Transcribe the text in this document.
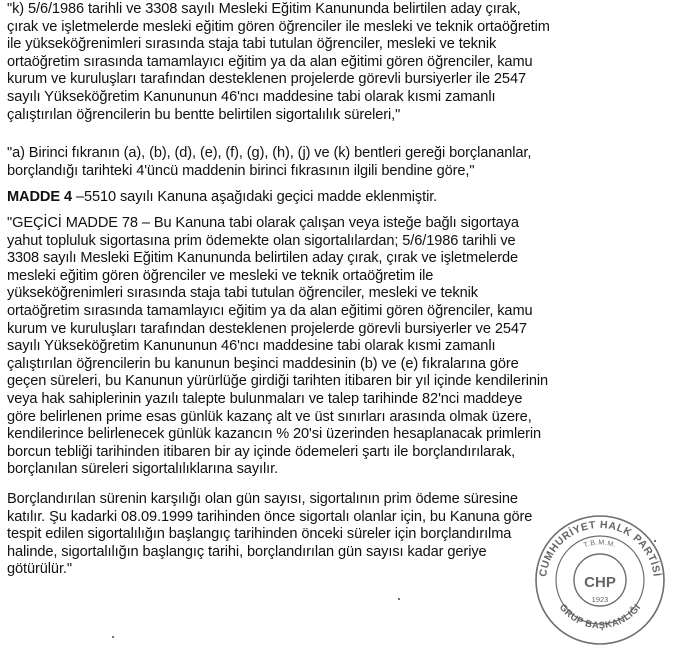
"k) 5/6/1986 tarihli ve 3308 sayılı Mesleki Eğitim Kanununda belirtilen aday çırak,
çırak ve işletmelerde mesleki eğitim gören öğrenciler ile mesleki ve teknik ortaöğretim
ile yükseköğrenimleri sırasında staja tabi tutulan öğrenciler, mesleki ve teknik
ortaöğretim sırasında tamamlayıcı eğitim ya da alan eğitimi gören öğrenciler, kamu
kurum ve kuruluşları tarafından desteklenen projelerde görevli bursiyerler ile 2547
sayılı Yükseköğretim Kanununun 46'ncı maddesine tabi olarak kısmi zamanlı
çalıştırılan öğrencilerin bu bentte belirtilen sigortalılık süreleri,"

"a) Birinci fıkranın (a), (b), (d), (e), (f), (g), (h), (j) ve (k) bentleri gereği borçlananlar,
borçlandığı tarihteki 4'üncü maddenin birinci fıkrasının ilgili bendine göre,"

MADDE 4 –5510 sayılı Kanuna aşağıdaki geçici madde eklenmiştir.

"GEÇİCİ MADDE 78 – Bu Kanuna tabi olarak çalışan veya isteğe bağlı sigortaya
yahut topluluk sigortasına prim ödemekte olan sigortalılardan; 5/6/1986 tarihli ve
3308 sayılı Mesleki Eğitim Kanununda belirtilen aday çırak, çırak ve işletmelerde
mesleki eğitim gören öğrenciler ve mesleki ve teknik ortaöğretim ile
yükseköğrenimleri sırasında staja tabi tutulan öğrenciler, mesleki ve teknik
ortaöğretim sırasında tamamlayıcı eğitim ya da alan eğitimi gören öğrenciler, kamu
kurum ve kuruluşları tarafından desteklenen projelerde görevli bursiyerler ve 2547
sayılı Yükseköğretim Kanununun 46'ncı maddesine tabi olarak kısmi zamanlı
çalıştırılan öğrencilerin bu kanunun beşinci maddesinin (b) ve (e) fıkralarına göre
geçen süreleri, bu Kanunun yürürlüğe girdiği tarihten itibaren bir yıl içinde kendilerinin
veya hak sahiplerinin yazılı talepte bulunmaları ve talep tarihinde 82'nci maddeye
göre belirlenen prime esas günlük kazanç alt ve üst sınırları arasında olmak üzere,
kendilerince belirlenecek günlük kazancın % 20'si üzerinden hesaplanacak primlerin
borcun tebliği tarihinden itibaren bir ay içinde ödemeleri şartı ile borçlandırılarak,
borçlanılan süreleri sigortalılıklarına sayılır.

Borçlandırılan sürenin karşılığı olan gün sayısı, sigortalının prim ödeme süresine
katılır. Şu kadarki 08.09.1999 tarihinden önce sigortalı olanlar için, bu Kanuna göre
tespit edilen sigortalılığın başlangıç tarihinden önceki süreler için borçlandırılma
halinde, sigortalılığın başlangıç tarihi, borçlandırılan gün sayısı kadar geriye
götürülür."	CUMHURİYET HALK PARTİSİ
GRUP BAŞKANLIĞI
T.B.M.M.
CHP
1923
